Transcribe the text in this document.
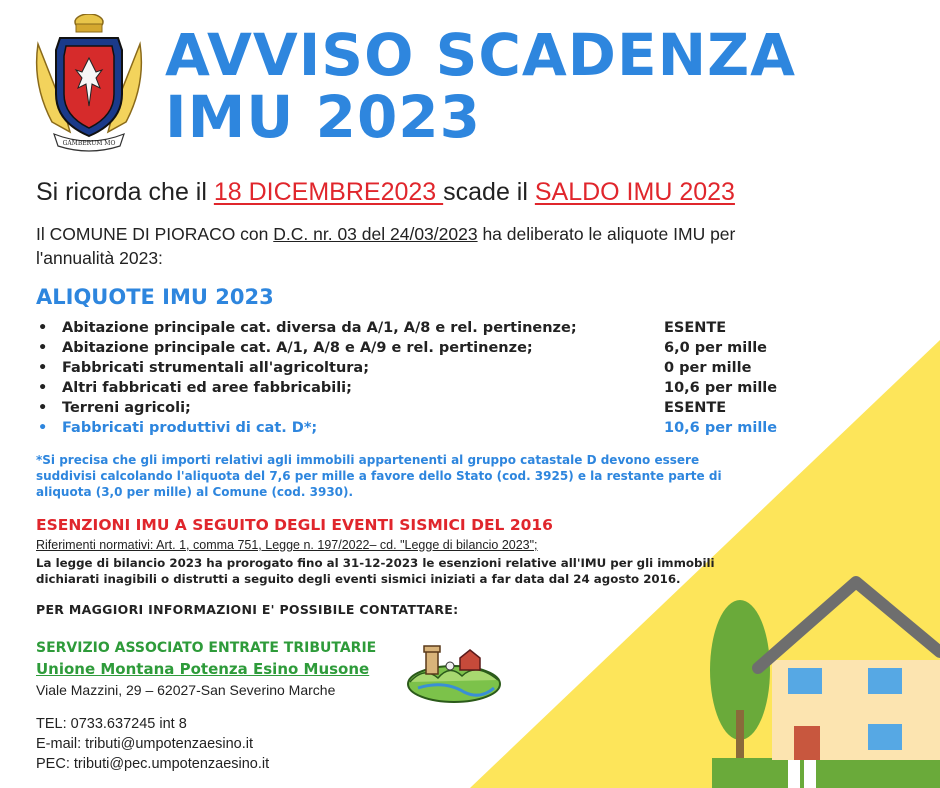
GAMBERUM MO
AVVISO SCADENZA
IMU 2023
Si ricorda che il 18 DICEMBRE2023 scade il SALDO IMU 2023
Il COMUNE DI PIORACO con D.C. nr. 03 del 24/03/2023 ha deliberato le aliquote IMU per l'annualità 2023:
ALIQUOTE IMU 2023
• Abitazione principale cat. diversa da A/1, A/8 e rel. pertinenze;	ESENTE
• Abitazione principale cat. A/1, A/8 e A/9 e rel. pertinenze;	6,0 per mille
• Fabbricati strumentali all'agricoltura;	0 per mille
• Altri fabbricati ed aree fabbricabili;	10,6 per mille
• Terreni agricoli;	ESENTE
• Fabbricati produttivi di cat. D*;	10,6 per mille
*Si precisa che gli importi relativi agli immobili appartenenti al gruppo catastale D devono essere suddivisi calcolando l'aliquota del 7,6 per mille a favore dello Stato (cod. 3925) e la restante parte di aliquota (3,0 per mille) al Comune (cod. 3930).
ESENZIONI IMU A SEGUITO DEGLI EVENTI SISMICI DEL 2016
Riferimenti normativi: Art. 1, comma 751, Legge n. 197/2022– cd. "Legge di bilancio 2023";
La legge di bilancio 2023 ha prorogato fino al 31-12-2023 le esenzioni relative all'IMU per gli immobili dichiarati inagibili o distrutti a seguito degli eventi sismici iniziati a far data dal 24 agosto 2016.
PER MAGGIORI INFORMAZIONI E' POSSIBILE CONTATTARE:
SERVIZIO ASSOCIATO ENTRATE TRIBUTARIE
Unione Montana Potenza Esino Musone
Viale Mazzini, 29 – 62027-San Severino Marche
TEL: 0733.637245 int 8
E-mail: tributi@umpotenzaesino.it
PEC: tributi@pec.umpotenzaesino.it
